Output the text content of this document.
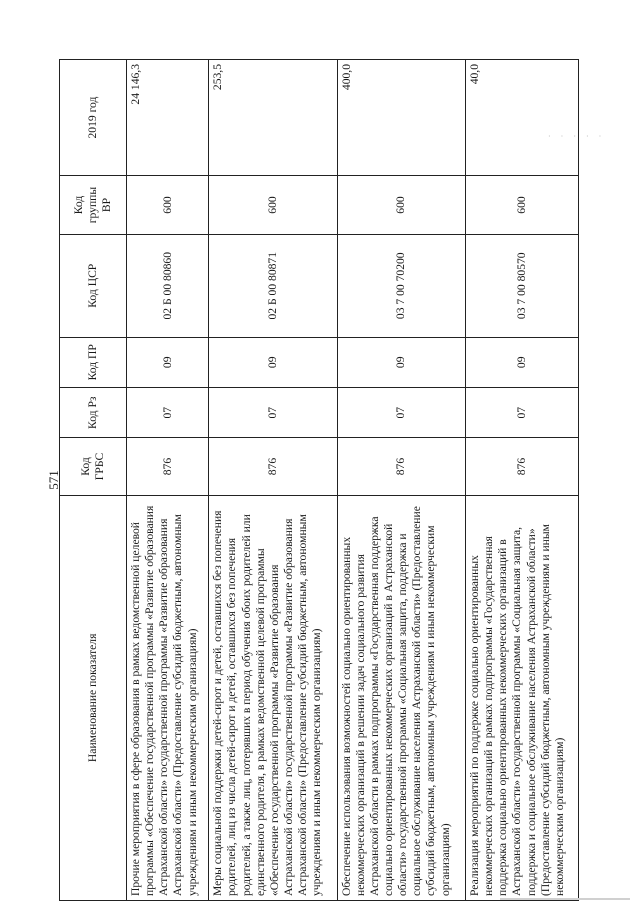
571
· · · · ·
Наименование показателя	Код ГРБС	Код Рз	Код ПР	Код ЦСР	Код группы ВР	2019 год
Прочие мероприятия в сфере образования в рамках ведомственной целевой программы «Обеспечение государственной программы «Развитие образования Астраханской области» государственной программы «Развитие образования Астраханской области» (Предоставление субсидий бюджетным, автономным учреждениям и иным некоммерческим организациям)	876	07	09	02 Б 00 80860	600	24 146,3
Меры социальной поддержки детей-сирот и детей, оставшихся без попечения родителей, лиц из числа детей-сирот и детей, оставшихся без попечения родителей, а также лиц, потерявших в период обучения обоих родителей или единственного родителя, в рамках ведомственной целевой программы «Обеспечение государственной программы «Развитие образования Астраханской области» государственной программы «Развитие образования Астраханской области» (Предоставление субсидий бюджетным, автономным учреждениям и иным некоммерческим организациям)	876	07	09	02 Б 00 80871	600	253,5
Обеспечение использования возможностей социально ориентированных некоммерческих организаций в решении задач социального развития Астраханской области в рамках подпрограммы «Государственная поддержка социально ориентированных некоммерческих организаций в Астраханской области» государственной программы «Социальная защита, поддержка и социальное обслуживание населения Астраханской области» (Предоставление субсидий бюджетным, автономным учреждениям и иным некоммерческим организациям)	876	07	09	03 7 00 70200	600	400,0
Реализация мероприятий по поддержке социально ориентированных некоммерческих организаций в рамках подпрограммы «Государственная поддержка социально ориентированных некоммерческих организаций в Астраханской области» государственной программы «Социальная защита, поддержка и социальное обслуживание населения Астраханской области» (Предоставление субсидий бюджетным, автономным учреждениям и иным некоммерческим организациям)	876	07	09	03 7 00 80570	600	40,0
